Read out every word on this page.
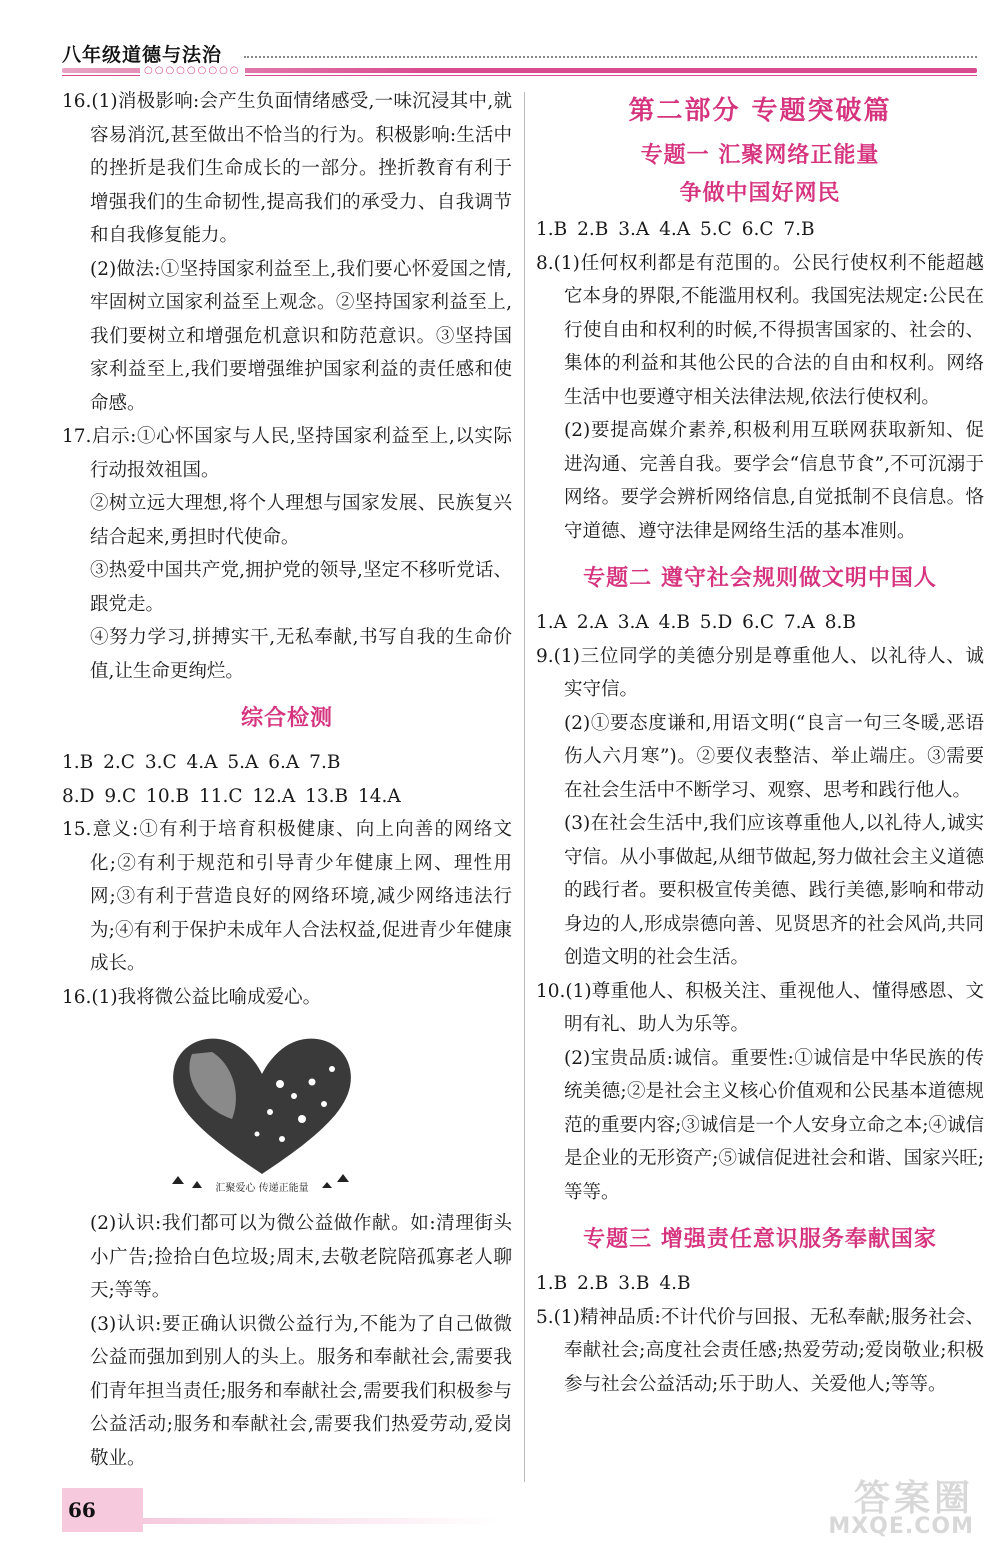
八年级道德与法治
○○○○○○○○○

16.(1)消极影响:会产生负面情绪感受,一味沉浸其中,就容易消沉,甚至做出不恰当的行为。积极影响:生活中的挫折是我们生命成长的一部分。挫折教育有利于增强我们的生命韧性,提高我们的承受力、自我调节和自我修复能力。

(2)做法:①坚持国家利益至上,我们要心怀爱国之情,牢固树立国家利益至上观念。②坚持国家利益至上,我们要树立和增强危机意识和防范意识。③坚持国家利益至上,我们要增强维护国家利益的责任感和使命感。

17.启示:①心怀国家与人民,坚持国家利益至上,以实际行动报效祖国。

②树立远大理想,将个人理想与国家发展、民族复兴结合起来,勇担时代使命。

③热爱中国共产党,拥护党的领导,坚定不移听党话、跟党走。

④努力学习,拼搏实干,无私奉献,书写自我的生命价值,让生命更绚烂。

综合检测

1.B 2.C 3.C 4.A 5.A 6.A 7.B

8.D 9.C 10.B 11.C 12.A 13.B 14.A

15.意义:①有利于培育积极健康、向上向善的网络文化;②有利于规范和引导青少年健康上网、理性用网;③有利于营造良好的网络环境,减少网络违法行为;④有利于保护未成年人合法权益,促进青少年健康成长。

16.(1)我将微公益比喻成爱心。

汇聚爱心 传递正能量

(2)认识:我们都可以为微公益做作献。如:清理街头小广告;捡拾白色垃圾;周末,去敬老院陪孤寡老人聊天;等等。

(3)认识:要正确认识微公益行为,不能为了自己做微公益而强加到别人的头上。服务和奉献社会,需要我们青年担当责任;服务和奉献社会,需要我们积极参与公益活动;服务和奉献社会,需要我们热爱劳动,爱岗敬业。

第二部分 专题突破篇

专题一 汇聚网络正能量

争做中国好网民

1.B 2.B 3.A 4.A 5.C 6.C 7.B

8.(1)任何权利都是有范围的。公民行使权利不能超越它本身的界限,不能滥用权利。我国宪法规定:公民在行使自由和权利的时候,不得损害国家的、社会的、集体的利益和其他公民的合法的自由和权利。网络生活中也要遵守相关法律法规,依法行使权利。

(2)要提高媒介素养,积极利用互联网获取新知、促进沟通、完善自我。要学会“信息节食”,不可沉溺于网络。要学会辨析网络信息,自觉抵制不良信息。恪守道德、遵守法律是网络生活的基本准则。

专题二 遵守社会规则做文明中国人

1.A 2.A 3.A 4.B 5.D 6.C 7.A 8.B

9.(1)三位同学的美德分别是尊重他人、以礼待人、诚实守信。

(2)①要态度谦和,用语文明(“良言一句三冬暖,恶语伤人六月寒”)。②要仪表整洁、举止端庄。③需要在社会生活中不断学习、观察、思考和践行他人。

(3)在社会生活中,我们应该尊重他人,以礼待人,诚实守信。从小事做起,从细节做起,努力做社会主义道德的践行者。要积极宣传美德、践行美德,影响和带动身边的人,形成崇德向善、见贤思齐的社会风尚,共同创造文明的社会生活。

10.(1)尊重他人、积极关注、重视他人、懂得感恩、文明有礼、助人为乐等。

(2)宝贵品质:诚信。重要性:①诚信是中华民族的传统美德;②是社会主义核心价值观和公民基本道德规范的重要内容;③诚信是一个人安身立命之本;④诚信是企业的无形资产;⑤诚信促进社会和谐、国家兴旺;等等。

专题三 增强责任意识服务奉献国家

1.B 2.B 3.B 4.B

5.(1)精神品质:不计代价与回报、无私奉献;服务社会、奉献社会;高度社会责任感;热爱劳动;爱岗敬业;积极参与社会公益活动;乐于助人、关爱他人;等等。

66	答案圈
MXQE.COM
